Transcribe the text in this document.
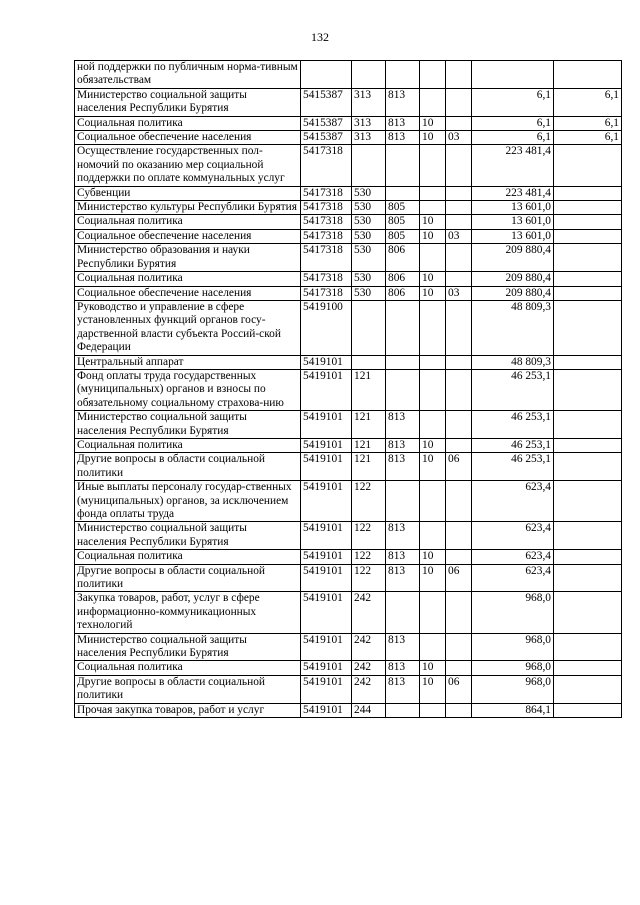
132
ной поддержки по публичным норма-тивным обязательствам							
Министерство социальной защиты населения Республики Бурятия	5415387	313	813			6,1	6,1
Социальная политика	5415387	313	813	10		6,1	6,1
Социальное обеспечение населения	5415387	313	813	10	03	6,1	6,1
Осуществление государственных пол-номочий по оказанию мер социальной поддержки по оплате коммунальных услуг	5417318					223 481,4	
Субвенции	5417318	530				223 481,4	
Министерство культуры Республики Бурятия	5417318	530	805			13 601,0	
Социальная политика	5417318	530	805	10		13 601,0	
Социальное обеспечение населения	5417318	530	805	10	03	13 601,0	
Министерство образования и науки Республики Бурятия	5417318	530	806			209 880,4	
Социальная политика	5417318	530	806	10		209 880,4	
Социальное обеспечение населения	5417318	530	806	10	03	209 880,4	
Руководство и управление в сфере установленных функций органов госу-дарственной власти субъекта Россий-ской Федерации	5419100					48 809,3	
Центральный аппарат	5419101					48 809,3	
Фонд оплаты труда государственных (муниципальных) органов и взносы по обязательному социальному страхова-нию	5419101	121				46 253,1	
Министерство социальной защиты населения Республики Бурятия	5419101	121	813			46 253,1	
Социальная политика	5419101	121	813	10		46 253,1	
Другие вопросы в области социальной политики	5419101	121	813	10	06	46 253,1	
Иные выплаты персоналу государ-ственных (муниципальных) органов, за исключением фонда оплаты труда	5419101	122				623,4	
Министерство социальной защиты населения Республики Бурятия	5419101	122	813			623,4	
Социальная политика	5419101	122	813	10		623,4	
Другие вопросы в области социальной политики	5419101	122	813	10	06	623,4	
Закупка товаров, работ, услуг в сфере информационно-коммуникационных технологий	5419101	242				968,0	
Министерство социальной защиты населения Республики Бурятия	5419101	242	813			968,0	
Социальная политика	5419101	242	813	10		968,0	
Другие вопросы в области социальной политики	5419101	242	813	10	06	968,0	
Прочая закупка товаров, работ и услуг	5419101	244				864,1	
